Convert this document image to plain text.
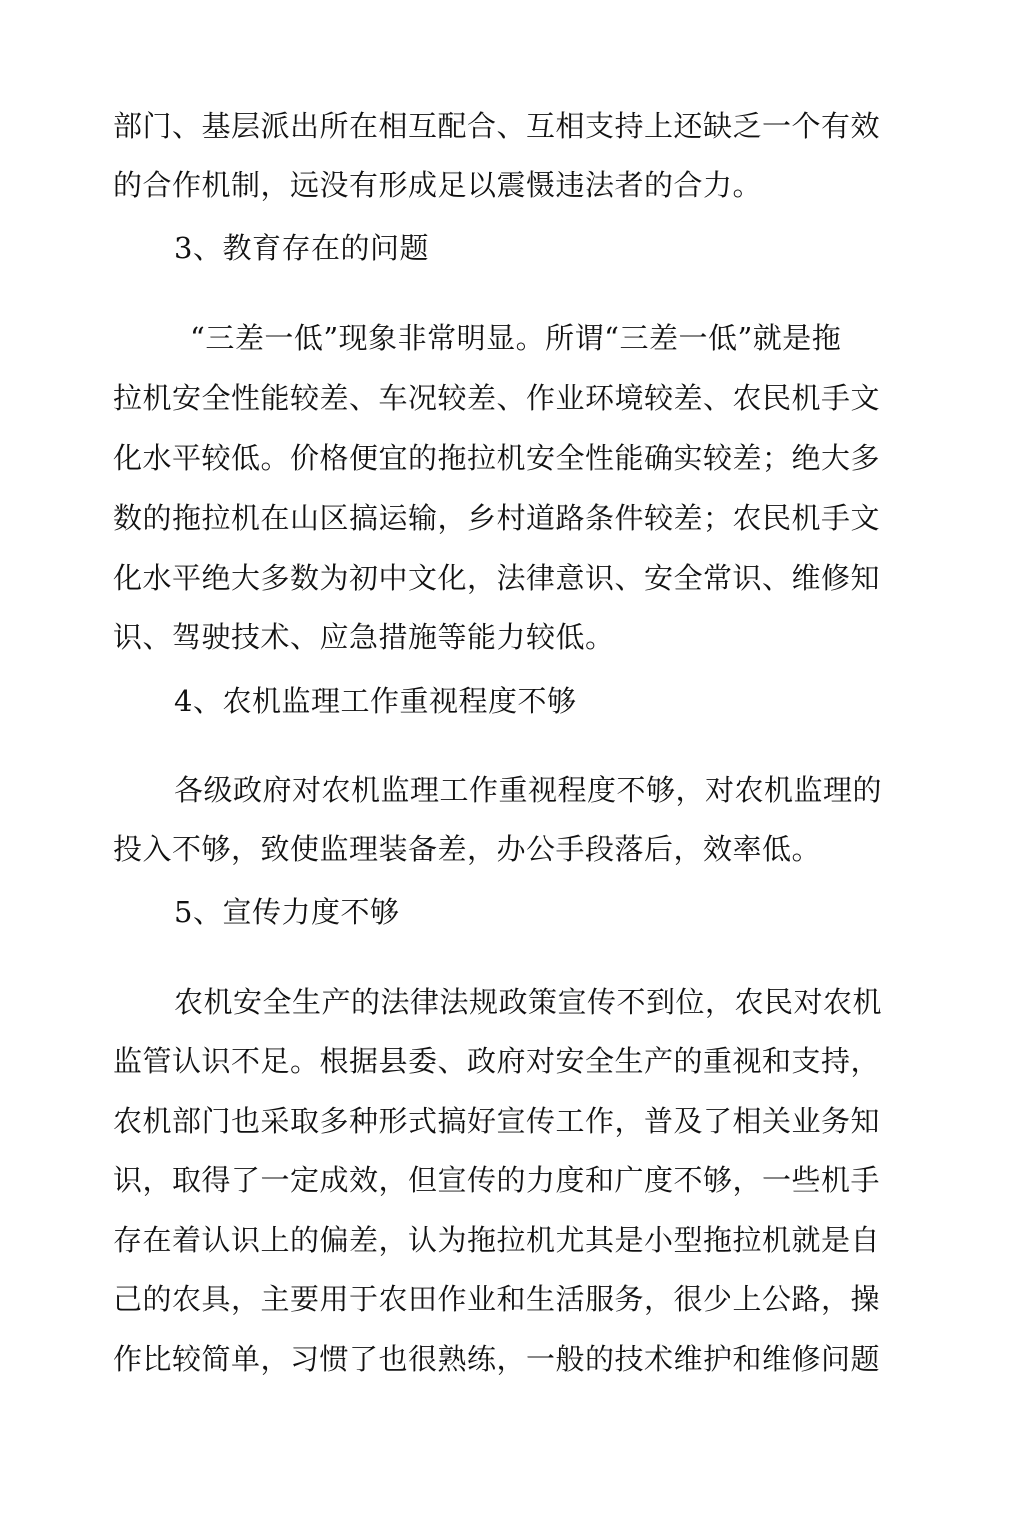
部门、基层派出所在相互配合、互相支持上还缺乏一个有效
的合作机制，远没有形成足以震慑违法者的合力。
3、教育存在的问题
“三差一低”现象非常明显。所谓“三差一低”就是拖
拉机安全性能较差、车况较差、作业环境较差、农民机手文
化水平较低。价格便宜的拖拉机安全性能确实较差；绝大多
数的拖拉机在山区搞运输，乡村道路条件较差；农民机手文
化水平绝大多数为初中文化，法律意识、安全常识、维修知
识、驾驶技术、应急措施等能力较低。
4、农机监理工作重视程度不够
各级政府对农机监理工作重视程度不够，对农机监理的
投入不够，致使监理装备差，办公手段落后，效率低。
5、宣传力度不够
农机安全生产的法律法规政策宣传不到位，农民对农机
监管认识不足。根据县委、政府对安全生产的重视和支持，
农机部门也采取多种形式搞好宣传工作，普及了相关业务知
识，取得了一定成效，但宣传的力度和广度不够，一些机手
存在着认识上的偏差，认为拖拉机尤其是小型拖拉机就是自
己的农具，主要用于农田作业和生活服务，很少上公路，操
作比较简单，习惯了也很熟练，一般的技术维护和维修问题
